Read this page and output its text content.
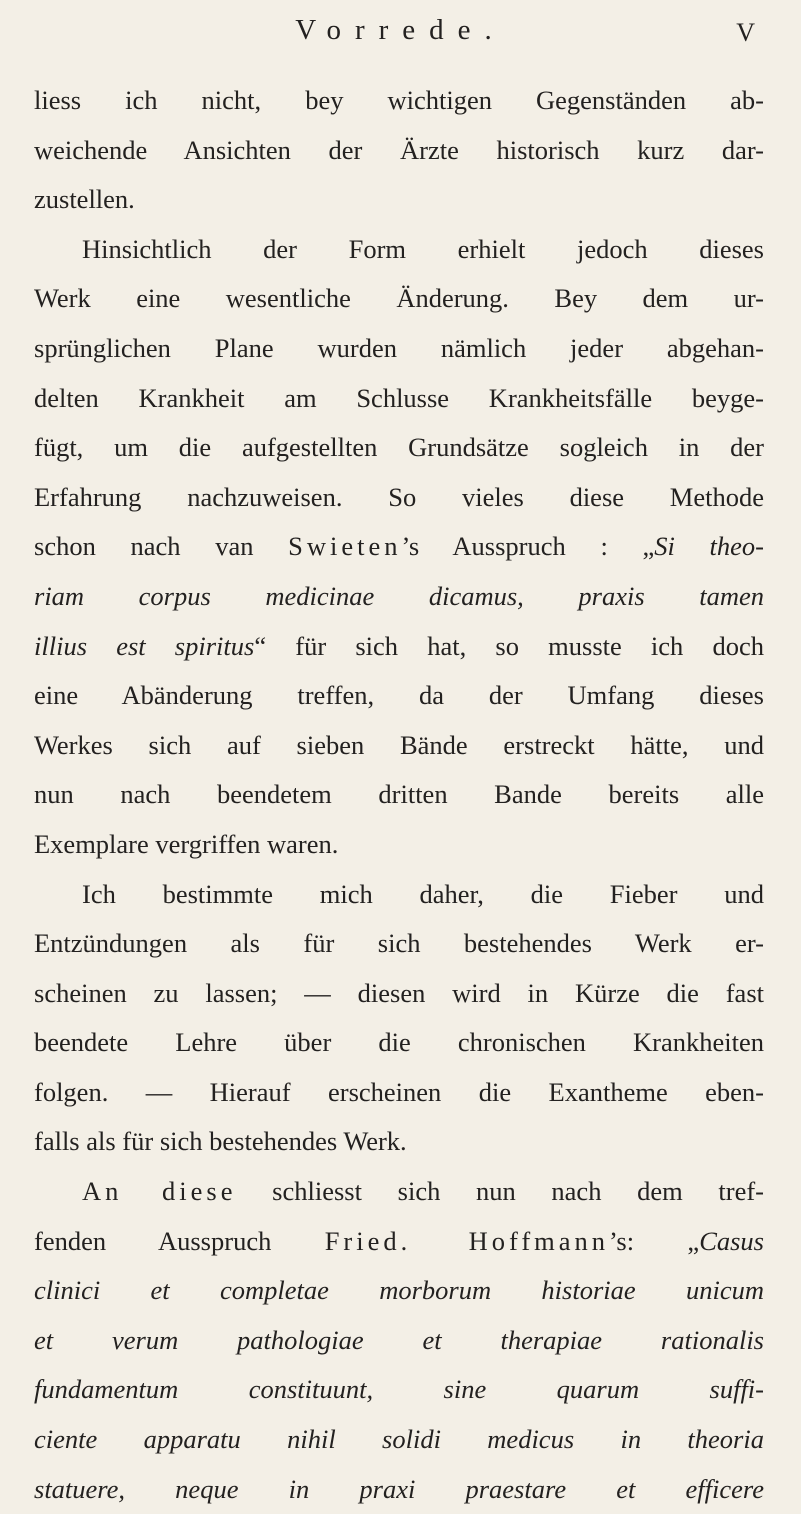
Vorrede.	V
liess ich nicht, bey wichtigen Gegenständen ab-
weichende Ansichten der Ärzte historisch kurz dar-
zustellen.
Hinsichtlich der Form erhielt jedoch dieses
Werk eine wesentliche Änderung. Bey dem ur-
sprünglichen Plane wurden nämlich jeder abgehan-
delten Krankheit am Schlusse Krankheitsfälle beyge-
fügt, um die aufgestellten Grundsätze sogleich in der
Erfahrung nachzuweisen. So vieles diese Methode
schon nach van Swieten’s Ausspruch : „Si theo-
riam corpus medicinae dicamus, praxis tamen
illius est spiritus“ für sich hat, so musste ich doch
eine Abänderung treffen, da der Umfang dieses
Werkes sich auf sieben Bände erstreckt hätte, und
nun nach beendetem dritten Bande bereits alle
Exemplare vergriffen waren.
Ich bestimmte mich daher, die Fieber und
Entzündungen als für sich bestehendes Werk er-
scheinen zu lassen; — diesen wird in Kürze die fast
beendete Lehre über die chronischen Krankheiten
folgen. — Hierauf erscheinen die Exantheme eben-
falls als für sich bestehendes Werk.
An diese schliesst sich nun nach dem tref-
fenden Ausspruch Fried. Hoffmann’s: „Casus
clinici et completae morborum historiae unicum
et verum pathologiae et therapiae rationalis
fundamentum constituunt, sine quarum suffi-
ciente apparatu nihil solidi medicus in theoria
statuere, neque in praxi praestare et efficere
